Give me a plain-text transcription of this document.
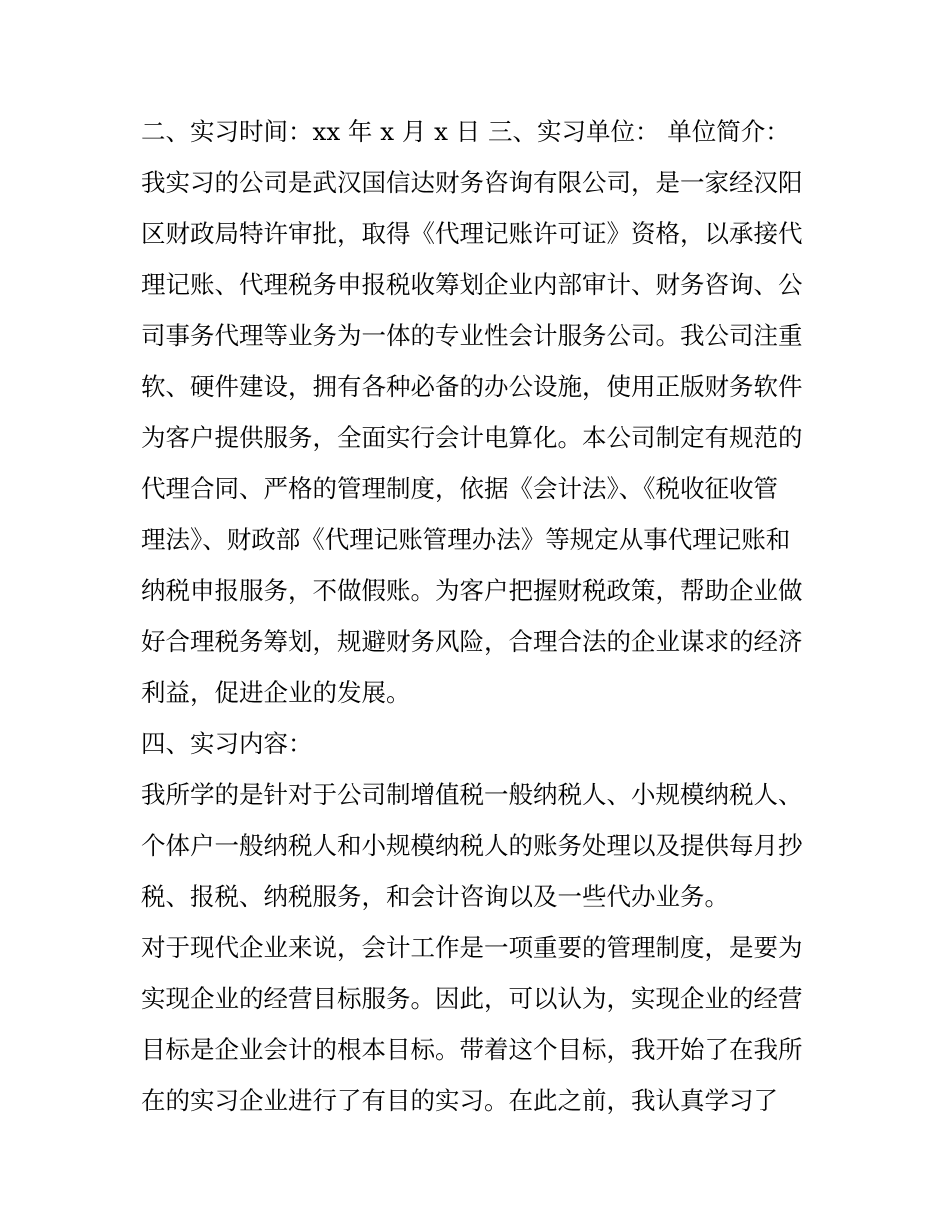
二、实习时间：xx 年 x 月 x 日 三、实习单位： 单位简介：
我实习的公司是武汉国信达财务咨询有限公司，是一家经汉阳
区财政局特许审批，取得《代理记账许可证》资格，以承接代
理记账、代理税务申报税收筹划企业内部审计、财务咨询、公
司事务代理等业务为一体的专业性会计服务公司。我公司注重
软、硬件建设，拥有各种必备的办公设施，使用正版财务软件
为客户提供服务，全面实行会计电算化。本公司制定有规范的
代理合同、严格的管理制度，依据《会计法》、《税收征收管
理法》、财政部《代理记账管理办法》等规定从事代理记账和
纳税申报服务，不做假账。为客户把握财税政策，帮助企业做
好合理税务筹划，规避财务风险，合理合法的企业谋求的经济
利益，促进企业的发展。
四、实习内容：
我所学的是针对于公司制增值税一般纳税人、小规模纳税人、
个体户一般纳税人和小规模纳税人的账务处理以及提供每月抄
税、报税、纳税服务，和会计咨询以及一些代办业务。
对于现代企业来说，会计工作是一项重要的管理制度，是要为
实现企业的经营目标服务。因此，可以认为，实现企业的经营
目标是企业会计的根本目标。带着这个目标，我开始了在我所
在的实习企业进行了有目的实习。在此之前，我认真学习了
